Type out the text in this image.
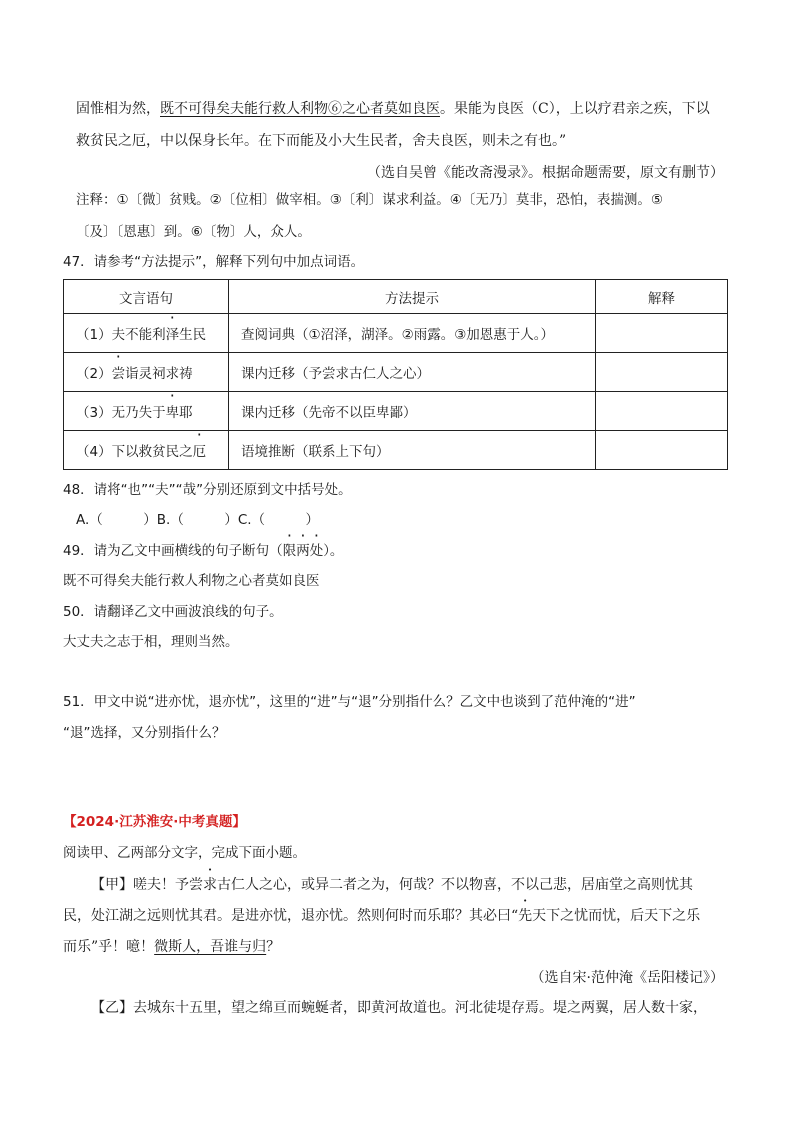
固惟相为然，既不可得矣夫能行救人利物⑥之心者莫如良医。果能为良医（C），上以疗君亲之疾，下以
救贫民之厄，中以保身长年。在下而能及小大生民者，舍夫良医，则未之有也。”
（选自吴曾《能改斋漫录》。根据命题需要，原文有删节）
注释：①〔微〕贫贱。②〔位相〕做宰相。③〔利〕谋求利益。④〔无乃〕莫非，恐怕，表揣测。⑤
〔及〕〔恩惠〕到。⑥〔物〕人，众人。
47．请参考“方法提示”，解释下列句中加点词语。
文言语句	方法提示	解释
（1）夫不能利泽生民	查阅词典（①沼泽，湖泽。②雨露。③加恩惠于人。）	
（2）尝诣灵祠求祷	课内迁移（予尝求古仁人之心）	
（3）无乃失于卑耶	课内迁移（先帝不以臣卑鄙）	
（4）下以救贫民之厄	语境推断（联系上下句）	
48．请将“也”“夫”“哉”分别还原到文中括号处。
A.（　　　）B.（　　　）C.（　　　）
49．请为乙文中画横线的句子断句（限两处）。
既不可得矣夫能行救人利物之心者莫如良医
50．请翻译乙文中画波浪线的句子。
大丈夫之志于相，理则当然。
51．甲文中说“进亦忧，退亦忧”，这里的“进”与“退”分别指什么？乙文中也谈到了范仲淹的“进”
“退”选择，又分别指什么？
【2024·江苏淮安·中考真题】
阅读甲、乙两部分文字，完成下面小题。
【甲】嗟夫！予尝求古仁人之心，或异二者之为，何哉？不以物喜，不以己悲，居庙堂之高则忧其
民，处江湖之远则忧其君。是进亦忧，退亦忧。然则何时而乐耶？其必曰“先天下之忧而忧，后天下之乐
而乐”乎！噫！微斯人，吾谁与归？
（选自宋·范仲淹《岳阳楼记》）
【乙】去城东十五里，望之绵亘而蜿蜒者，即黄河故道也。河北徒堤存焉。堤之两翼，居人数十家，
